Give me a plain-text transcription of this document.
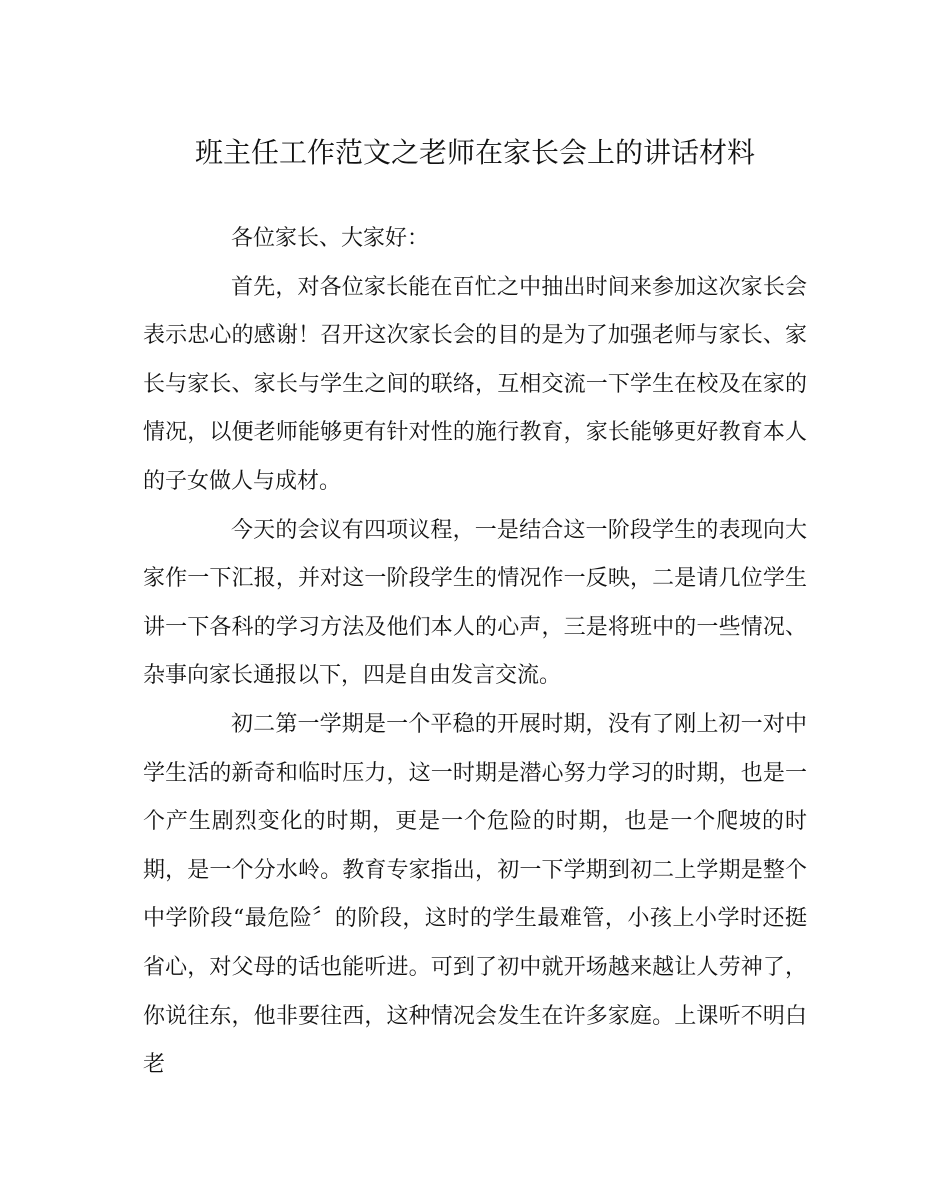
班主任工作范文之老师在家长会上的讲话材料

各位家长、大家好：

首先，对各位家长能在百忙之中抽出时间来参加这次家长会表示忠心的感谢！召开这次家长会的目的是为了加强老师与家长、家长与家长、家长与学生之间的联络，互相交流一下学生在校及在家的情况，以便老师能够更有针对性的施行教育，家长能够更好教育本人的子女做人与成材。

今天的会议有四项议程，一是结合这一阶段学生的表现向大家作一下汇报，并对这一阶段学生的情况作一反映，二是请几位学生讲一下各科的学习方法及他们本人的心声，三是将班中的一些情况、杂事向家长通报以下，四是自由发言交流。

初二第一学期是一个平稳的开展时期，没有了刚上初一对中学生活的新奇和临时压力，这一时期是潜心努力学习的时期，也是一个产生剧烈变化的时期，更是一个危险的时期，也是一个爬坡的时期，是一个分水岭。教育专家指出，初一下学期到初二上学期是整个中学阶段“最危险〞的阶段，这时的学生最难管，小孩上小学时还挺省心，对父母的话也能听进。可到了初中就开场越来越让人劳神了，你说往东，他非要往西，这种情况会发生在许多家庭。上课听不明白老
